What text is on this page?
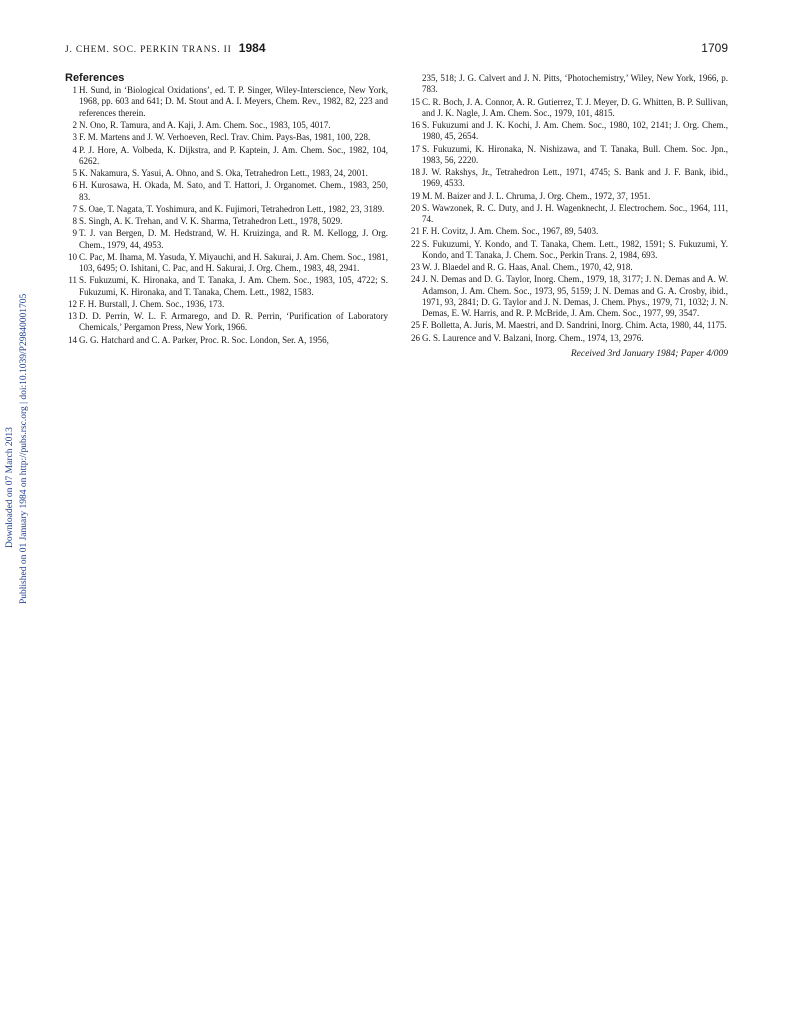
J. CHEM. SOC. PERKIN TRANS. II 1984	1709
Downloaded on 07 March 2013 Published on 01 January 1984 on http://pubs.rsc.org | doi:10.1039/P29840001705
References
1 H. Sund, in ‘Biological Oxidations’, ed. T. P. Singer, Wiley-Interscience, New York, 1968, pp. 603 and 641; D. M. Stout and A. I. Meyers, Chem. Rev., 1982, 82, 223 and references therein.
2 N. Ono, R. Tamura, and A. Kaji, J. Am. Chem. Soc., 1983, 105, 4017.
3 F. M. Martens and J. W. Verhoeven, Recl. Trav. Chim. Pays-Bas, 1981, 100, 228.
4 P. J. Hore, A. Volbeda, K. Dijkstra, and P. Kaptein, J. Am. Chem. Soc., 1982, 104, 6262.
5 K. Nakamura, S. Yasui, A. Ohno, and S. Oka, Tetrahedron Lett., 1983, 24, 2001.
6 H. Kurosawa, H. Okada, M. Sato, and T. Hattori, J. Organomet. Chem., 1983, 250, 83.
7 S. Oae, T. Nagata, T. Yoshimura, and K. Fujimori, Tetrahedron Lett., 1982, 23, 3189.
8 S. Singh, A. K. Trehan, and V. K. Sharma, Tetrahedron Lett., 1978, 5029.
9 T. J. van Bergen, D. M. Hedstrand, W. H. Kruizinga, and R. M. Kellogg, J. Org. Chem., 1979, 44, 4953.
10 C. Pac, M. Ihama, M. Yasuda, Y. Miyauchi, and H. Sakurai, J. Am. Chem. Soc., 1981, 103, 6495; O. Ishitani, C. Pac, and H. Sakurai, J. Org. Chem., 1983, 48, 2941.
11 S. Fukuzumi, K. Hironaka, and T. Tanaka, J. Am. Chem. Soc., 1983, 105, 4722; S. Fukuzumi, K. Hironaka, and T. Tanaka, Chem. Lett., 1982, 1583.
12 F. H. Burstall, J. Chem. Soc., 1936, 173.
13 D. D. Perrin, W. L. F. Armarego, and D. R. Perrin, ‘Purification of Laboratory Chemicals,’ Pergamon Press, New York, 1966.
14 G. G. Hatchard and C. A. Parker, Proc. R. Soc. London, Ser. A, 1956,
235, 518; J. G. Calvert and J. N. Pitts, ‘Photochemistry,’ Wiley, New York, 1966, p. 783.
15 C. R. Boch, J. A. Connor, A. R. Gutierrez, T. J. Meyer, D. G. Whitten, B. P. Sullivan, and J. K. Nagle, J. Am. Chem. Soc., 1979, 101, 4815.
16 S. Fukuzumi and J. K. Kochi, J. Am. Chem. Soc., 1980, 102, 2141; J. Org. Chem., 1980, 45, 2654.
17 S. Fukuzumi, K. Hironaka, N. Nishizawa, and T. Tanaka, Bull. Chem. Soc. Jpn., 1983, 56, 2220.
18 J. W. Rakshys, Jr., Tetrahedron Lett., 1971, 4745; S. Bank and J. F. Bank, ibid., 1969, 4533.
19 M. M. Baizer and J. L. Chruma, J. Org. Chem., 1972, 37, 1951.
20 S. Wawzonek, R. C. Duty, and J. H. Wagenknecht, J. Electrochem. Soc., 1964, 111, 74.
21 F. H. Covitz, J. Am. Chem. Soc., 1967, 89, 5403.
22 S. Fukuzumi, Y. Kondo, and T. Tanaka, Chem. Lett., 1982, 1591; S. Fukuzumi, Y. Kondo, and T. Tanaka, J. Chem. Soc., Perkin Trans. 2, 1984, 693.
23 W. J. Blaedel and R. G. Haas, Anal. Chem., 1970, 42, 918.
24 J. N. Demas and D. G. Taylor, Inorg. Chem., 1979, 18, 3177; J. N. Demas and A. W. Adamson, J. Am. Chem. Soc., 1973, 95, 5159; J. N. Demas and G. A. Crosby, ibid., 1971, 93, 2841; D. G. Taylor and J. N. Demas, J. Chem. Phys., 1979, 71, 1032; J. N. Demas, E. W. Harris, and R. P. McBride, J. Am. Chem. Soc., 1977, 99, 3547.
25 F. Bolletta, A. Juris, M. Maestri, and D. Sandrini, Inorg. Chim. Acta, 1980, 44, 1175.
26 G. S. Laurence and V. Balzani, Inorg. Chem., 1974, 13, 2976.
Received 3rd January 1984; Paper 4/009
